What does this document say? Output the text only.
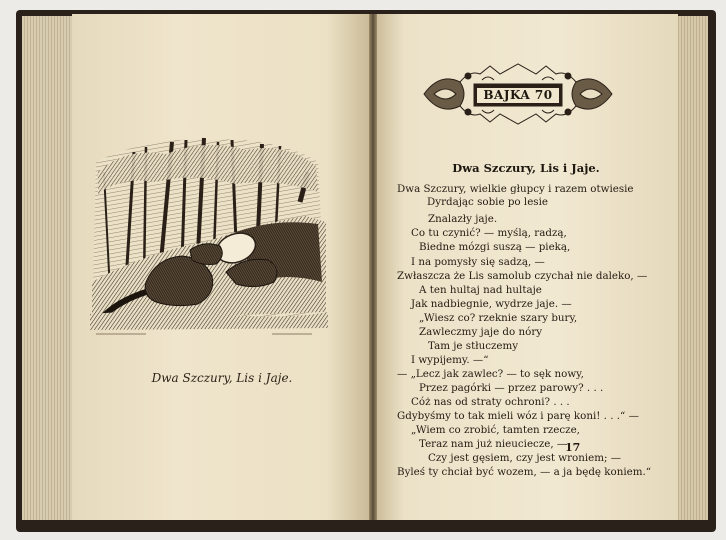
Dwa Szczury, Lis i Jaje.
BAJKA 70
Dwa Szczury, Lis i Jaje.
Dwa Szczury, wielkie głupcy i razem otwiesie
Dyrdając sobie po lesie
Znalazły jaje.
Co tu czynić? — myślą, radzą,
Biedne mózgi suszą — pieką,
I na pomysły się sadzą, —
Zwłaszcza że Lis samolub czychał nie daleko, —
A ten hultaj nad hultaje
Jak nadbiegnie, wydrze jaje. —
„Wiesz co? rzeknie szary bury,
Zawleczmy jaje do nóry
Tam je stłuczemy
I wypijemy. —“
— „Lecz jak zawlec? — to sęk nowy,
Przez pagórki — przez parowy? . . .
Cóż nas od straty ochroni? . . .
Gdybyśmy to tak mieli wóz i parę koni! . . .“ —
„Wiem co zrobić, tamten rzecze,
Teraz nam już nieuciecze, —
Czy jest gęsiem, czy jest wroniem; —
Byleś ty chciał być wozem, — a ja będę koniem.“
17
